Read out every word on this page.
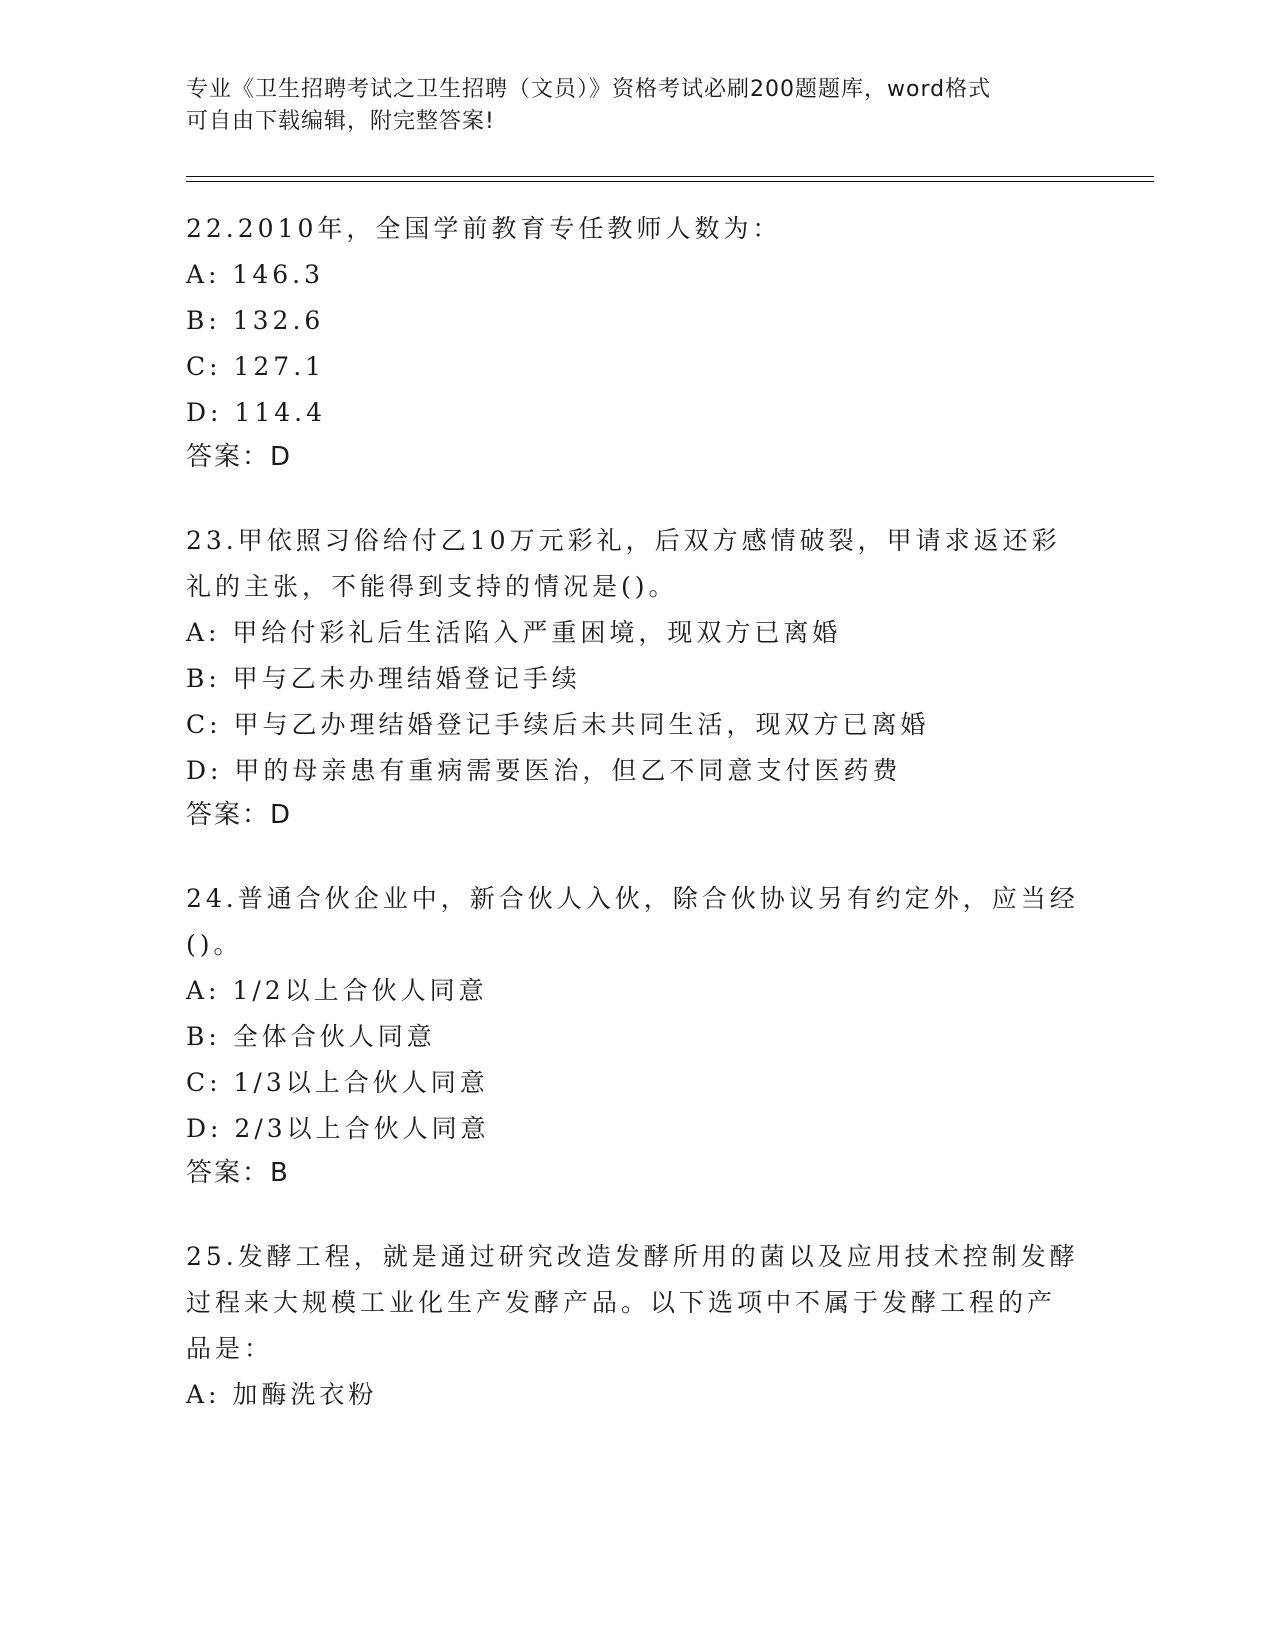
专业《卫生招聘考试之卫生招聘（文员）》资格考试必刷200题题库，word格式
可自由下载编辑，附完整答案!
22.2010年，全国学前教育专任教师人数为：
A: 146.3
B: 132.6
C: 127.1
D: 114.4
答案：D
23.甲依照习俗给付乙10万元彩礼，后双方感情破裂，甲请求返还彩
礼的主张，不能得到支持的情况是()。
A: 甲给付彩礼后生活陷入严重困境，现双方已离婚
B: 甲与乙未办理结婚登记手续
C: 甲与乙办理结婚登记手续后未共同生活，现双方已离婚
D: 甲的母亲患有重病需要医治，但乙不同意支付医药费
答案：D
24.普通合伙企业中，新合伙人入伙，除合伙协议另有约定外，应当经
()。
A: 1/2以上合伙人同意
B: 全体合伙人同意
C: 1/3以上合伙人同意
D: 2/3以上合伙人同意
答案：B
25.发酵工程，就是通过研究改造发酵所用的菌以及应用技术控制发酵
过程来大规模工业化生产发酵产品。以下选项中不属于发酵工程的产
品是：
A: 加酶洗衣粉
